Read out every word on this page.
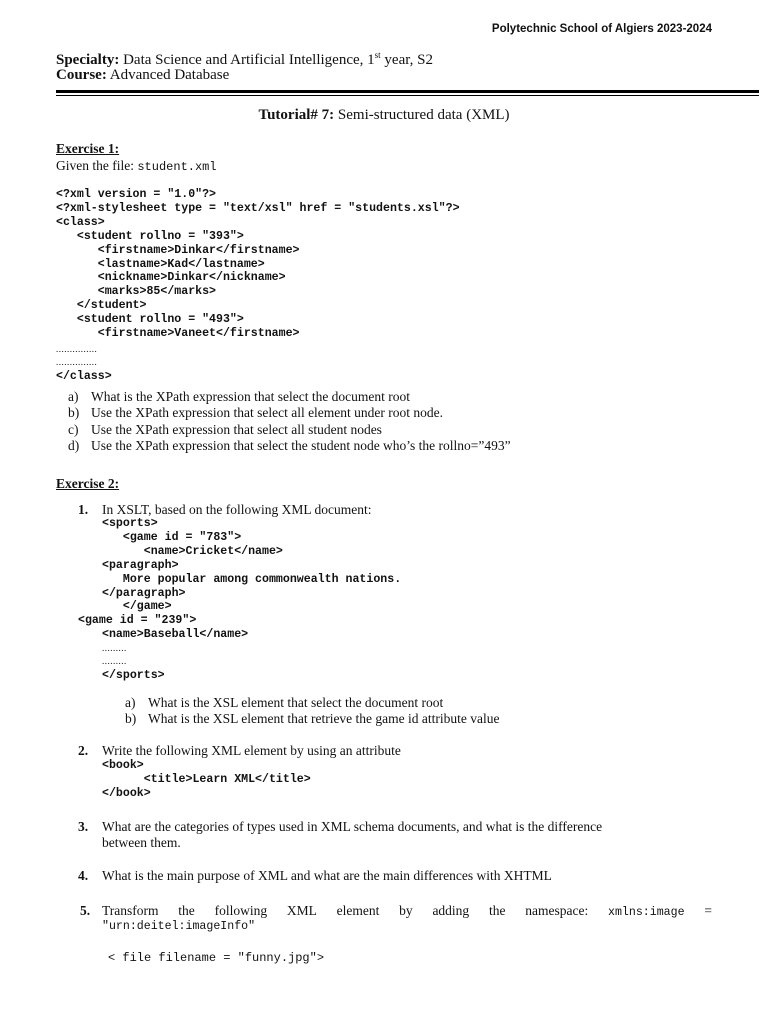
Polytechnic School of Algiers 2023-2024
Specialty: Data Science and Artificial Intelligence, 1st year, S2
Course: Advanced Database
Tutorial# 7: Semi-structured data (XML)
Exercise 1:
Given the file: student.xml
<?xml version = "1.0"?>
<?xml-stylesheet type = "text/xsl" href = "students.xsl"?>
<class>
<student rollno = "393">
<firstname>Dinkar</firstname>
<lastname>Kad</lastname>
<nickname>Dinkar</nickname>
<marks>85</marks>
</student>
<student rollno = "493">
<firstname>Vaneet</firstname>
...............
...............
</class>
a) What is the XPath expression that select the document root
b) Use the XPath expression that select all element under root node.
c) Use the XPath expression that select all student nodes
d) Use the XPath expression that select the student node who’s the rollno=”493”
Exercise 2:
1. In XSLT, based on the following XML document:
<sports>
<game id = "783">
<name>Cricket</name>
<paragraph>
More popular among commonwealth nations.
</paragraph>
</game>
<game id = "239">
<name>Baseball</name>
.........
.........
</sports>
a) What is the XSL element that select the document root
b) What is the XSL element that retrieve the game id attribute value
2. Write the following XML element by using an attribute
<book>
<title>Learn XML</title>
</book>
3. What are the categories of types used in XML schema documents, and what is the difference
between them.
4. What is the main purpose of XML and what are the main differences with XHTML
5. Transform the following XML element by adding the namespace: xmlns:image =
"urn:deitel:imageInfo"
< file filename = "funny.jpg">
